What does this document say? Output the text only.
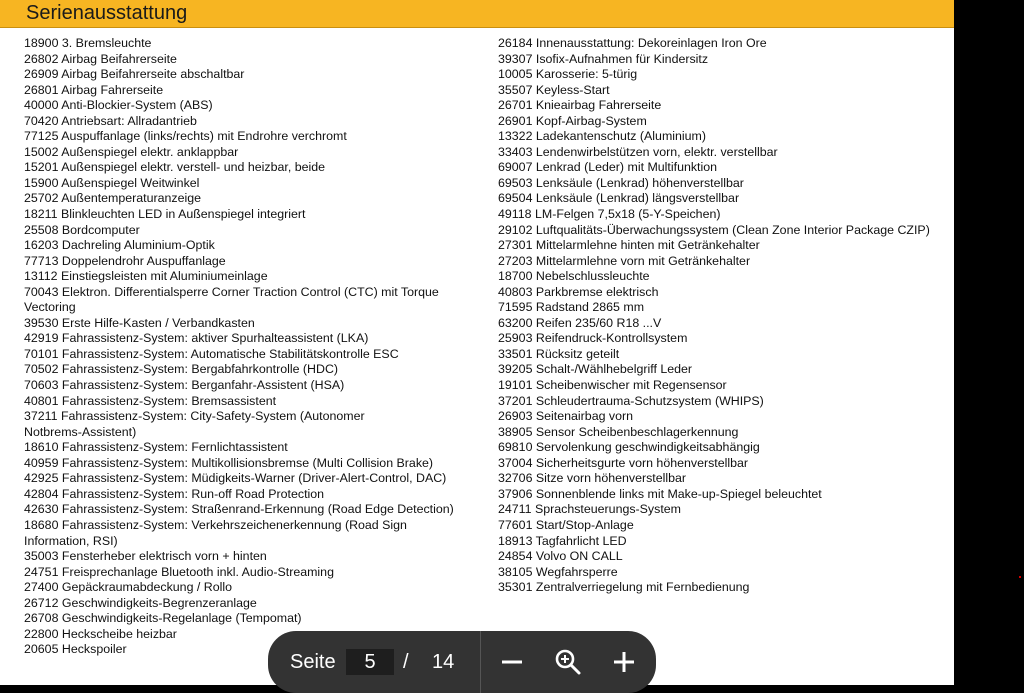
Serienausstattung
18900 3. Bremsleuchte
26802 Airbag Beifahrerseite
26909 Airbag Beifahrerseite abschaltbar
26801 Airbag Fahrerseite
40000 Anti-Blockier-System (ABS)
70420 Antriebsart: Allradantrieb
77125 Auspuffanlage (links/rechts) mit Endrohre verchromt
15002 Außenspiegel elektr. anklappbar
15201 Außenspiegel elektr. verstell- und heizbar, beide
15900 Außenspiegel Weitwinkel
25702 Außentemperaturanzeige
18211 Blinkleuchten LED in Außenspiegel integriert
25508 Bordcomputer
16203 Dachreling Aluminium-Optik
77713 Doppelendrohr Auspuffanlage
13112 Einstiegsleisten mit Aluminiumeinlage
70043 Elektron. Differentialsperre Corner Traction Control (CTC) mit Torque
Vectoring
39530 Erste Hilfe-Kasten / Verbandkasten
42919 Fahrassistenz-System: aktiver Spurhalteassistent (LKA)
70101 Fahrassistenz-System: Automatische Stabilitätskontrolle ESC
70502 Fahrassistenz-System: Bergabfahrkontrolle (HDC)
70603 Fahrassistenz-System: Berganfahr-Assistent (HSA)
40801 Fahrassistenz-System: Bremsassistent
37211 Fahrassistenz-System: City-Safety-System (Autonomer
Notbrems-Assistent)
18610 Fahrassistenz-System: Fernlichtassistent
40959 Fahrassistenz-System: Multikollisionsbremse (Multi Collision Brake)
42925 Fahrassistenz-System: Müdigkeits-Warner (Driver-Alert-Control, DAC)
42804 Fahrassistenz-System: Run-off Road Protection
42630 Fahrassistenz-System: Straßenrand-Erkennung (Road Edge Detection)
18680 Fahrassistenz-System: Verkehrszeichenerkennung (Road Sign
Information, RSI)
35003 Fensterheber elektrisch vorn + hinten
24751 Freisprechanlage Bluetooth inkl. Audio-Streaming
27400 Gepäckraumabdeckung / Rollo
26712 Geschwindigkeits-Begrenzeranlage
26708 Geschwindigkeits-Regelanlage (Tempomat)
22800 Heckscheibe heizbar
20605 Heckspoiler
26184 Innenausstattung: Dekoreinlagen Iron Ore
39307 Isofix-Aufnahmen für Kindersitz
10005 Karosserie: 5-türig
35507 Keyless-Start
26701 Knieairbag Fahrerseite
26901 Kopf-Airbag-System
13322 Ladekantenschutz (Aluminium)
33403 Lendenwirbelstützen vorn, elektr. verstellbar
69007 Lenkrad (Leder) mit Multifunktion
69503 Lenksäule (Lenkrad) höhenverstellbar
69504 Lenksäule (Lenkrad) längsverstellbar
49118 LM-Felgen 7,5x18 (5-Y-Speichen)
29102 Luftqualitäts-Überwachungssystem (Clean Zone Interior Package CZIP)
27301 Mittelarmlehne hinten mit Getränkehalter
27203 Mittelarmlehne vorn mit Getränkehalter
18700 Nebelschlussleuchte
40803 Parkbremse elektrisch
71595 Radstand 2865 mm
63200 Reifen 235/60 R18 ...V
25903 Reifendruck-Kontrollsystem
33501 Rücksitz geteilt
39205 Schalt-/Wählhebelgriff Leder
19101 Scheibenwischer mit Regensensor
37201 Schleudertrauma-Schutzsystem (WHIPS)
26903 Seitenairbag vorn
38905 Sensor Scheibenbeschlagerkennung
69810 Servolenkung geschwindigkeitsabhängig
37004 Sicherheitsgurte vorn höhenverstellbar
32706 Sitze vorn höhenverstellbar
37906 Sonnenblende links mit Make-up-Spiegel beleuchtet
24711 Sprachsteuerungs-System
77601 Start/Stop-Anlage
18913 Tagfahrlicht LED
24854 Volvo ON CALL
38105 Wegfahrsperre
35301 Zentralverriegelung mit Fernbedienung
Seite
5	/ 14
